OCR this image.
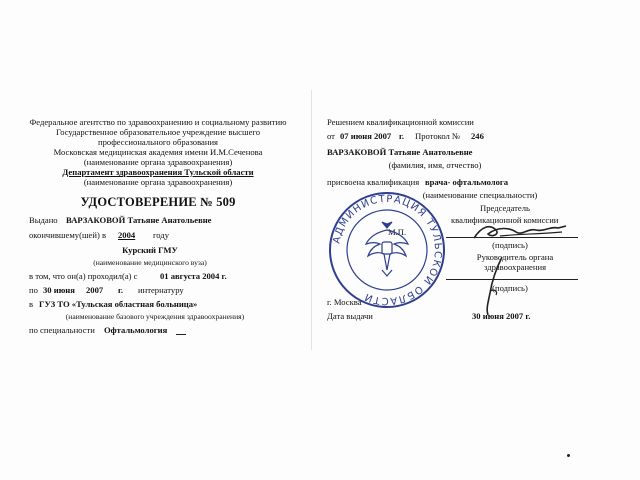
Федеральное агентство по здравоохранению и социальному развитию
Государственное образовательное учреждение высшего
профессионального образования
Московская медицинская академия имени И.М.Сеченова
(наименование органа здравоохранения)
Департамент здравоохранения Тульской области
(наименование органа здравоохранения)
УДОСТОВЕРЕНИЕ № 509
Выдано ВАРЗАКОВОЙ Татьяне Анатольевне
окончившему(шей) в 2004 году
Курский ГМУ
(наименование медицинского вуза)
в том, что он(а) проходил(а) с	01 августа 2004 г.
по 30 июня 2007 г. интернатуру
в ГУЗ ТО «Тульская областная больница»
(наименование базового учреждения здравоохранения)
по специальности Офтальмология
Решением квалификационной комиссии
от 07 июня 2007 г. Протокол № 246
ВАРЗАКОВОЙ Татьяне Анатольевне
(фамилия, имя, отчество)
присвоена квалификация врача- офтальмолога
(наименование специальности)
Председатель
квалификационной комиссии
М.П.
(подпись)
Руководитель органа
здравоохранения
(подпись)
г. Москва
Дата выдачи	30 июня 2007 г.
АДМИНИСТРАЦИЯ ТУЛЬСКОЙ ОБЛАСТИ
